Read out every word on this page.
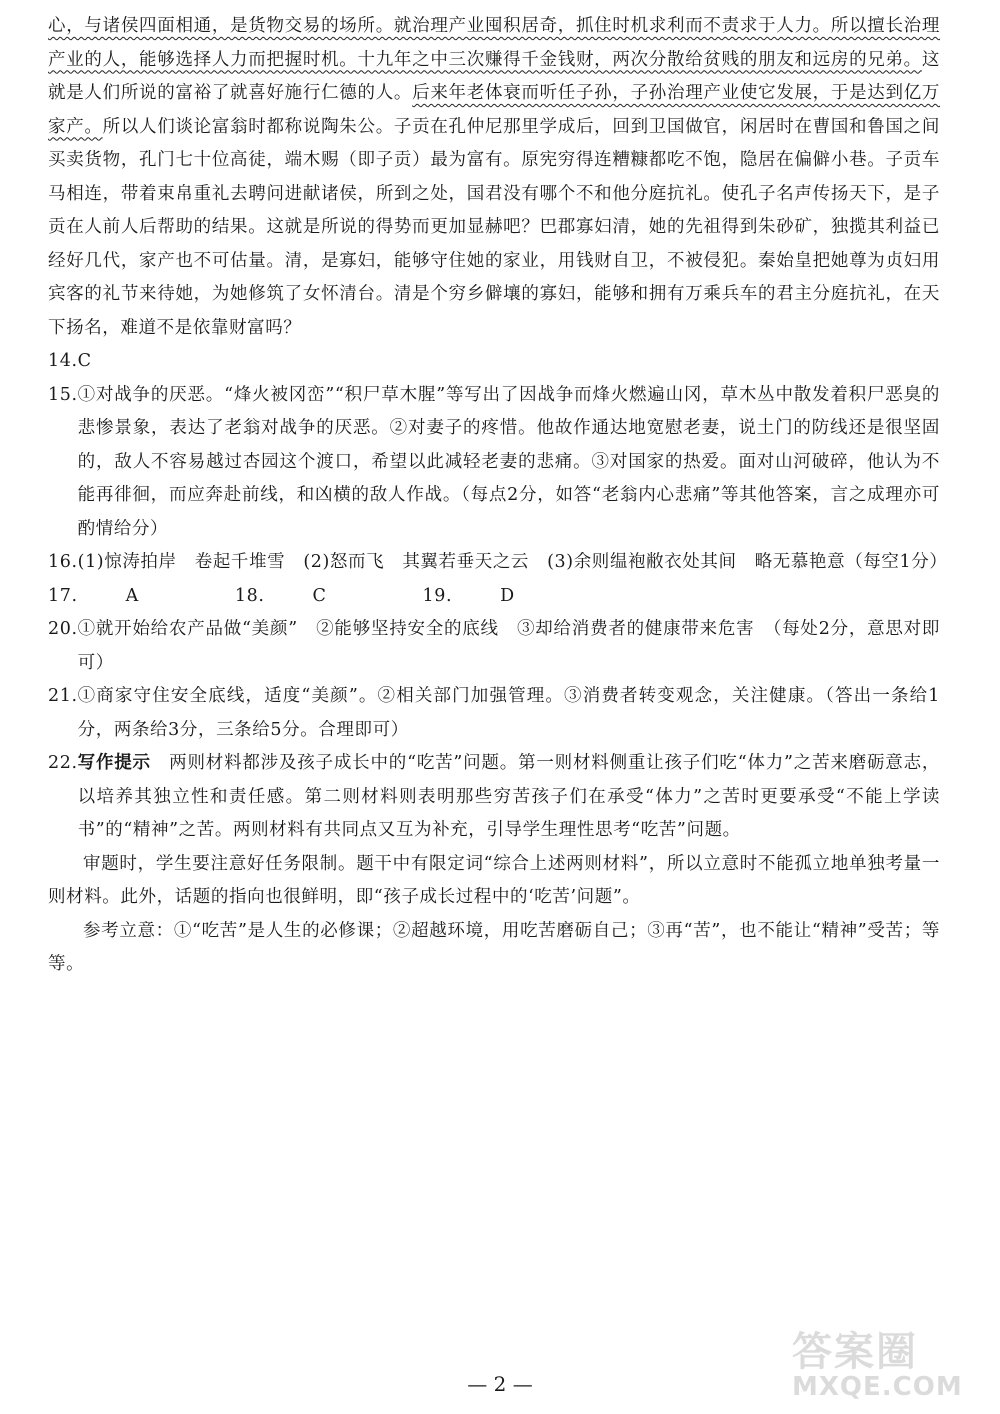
心，与诸侯四面相通，是货物交易的场所。就治理产业囤积居奇，抓住时机求利而不责求于人力。所以擅长治理产业的人，能够选择人力而把握时机。十九年之中三次赚得千金钱财，两次分散给贫贱的朋友和远房的兄弟。这就是人们所说的富裕了就喜好施行仁德的人。后来年老体衰而听任子孙，子孙治理产业使它发展，于是达到亿万家产。所以人们谈论富翁时都称说陶朱公。子贡在孔仲尼那里学成后，回到卫国做官，闲居时在曹国和鲁国之间买卖货物，孔门七十位高徒，端木赐（即子贡）最为富有。原宪穷得连糟糠都吃不饱，隐居在偏僻小巷。子贡车马相连，带着束帛重礼去聘问进献诸侯，所到之处，国君没有哪个不和他分庭抗礼。使孔子名声传扬天下，是子贡在人前人后帮助的结果。这就是所说的得势而更加显赫吧？巴郡寡妇清，她的先祖得到朱砂矿，独揽其利益已经好几代，家产也不可估量。清，是寡妇，能够守住她的家业，用钱财自卫，不被侵犯。秦始皇把她尊为贞妇用宾客的礼节来待她，为她修筑了女怀清台。清是个穷乡僻壤的寡妇，能够和拥有万乘兵车的君主分庭抗礼，在天下扬名，难道不是依靠财富吗？

14. C
15. ①对战争的厌恶。“烽火被冈峦”“积尸草木腥”等写出了因战争而烽火燃遍山冈，草木丛中散发着积尸恶臭的悲惨景象，表达了老翁对战争的厌恶。②对妻子的疼惜。他故作通达地宽慰老妻，说土门的防线还是很坚固的，敌人不容易越过杏园这个渡口，希望以此减轻老妻的悲痛。③对国家的热爱。面对山河破碎，他认为不能再徘徊，而应奔赴前线，和凶横的敌人作战。（每点2分，如答“老翁内心悲痛”等其他答案，言之成理亦可酌情给分）
16. (1)惊涛拍岸　卷起千堆雪　(2)怒而飞　其翼若垂天之云　(3)余则缊袍敝衣处其间　略无慕艳意（每空1分）
17.	A	18.	C	19.	D
20. ①就开始给农产品做“美颜”　②能够坚持安全的底线　③却给消费者的健康带来危害　（每处2分，意思对即可）
21. ①商家守住安全底线，适度“美颜”。②相关部门加强管理。③消费者转变观念，关注健康。（答出一条给1分，两条给3分，三条给5分。合理即可）
22. 写作提示　两则材料都涉及孩子成长中的“吃苦”问题。第一则材料侧重让孩子们吃“体力”之苦来磨砺意志，以培养其独立性和责任感。第二则材料则表明那些穷苦孩子们在承受“体力”之苦时更要承受“不能上学读书”的“精神”之苦。两则材料有共同点又互为补充，引导学生理性思考“吃苦”问题。

审题时，学生要注意好任务限制。题干中有限定词“综合上述两则材料”，所以立意时不能孤立地单独考量一则材料。此外，话题的指向也很鲜明，即“孩子成长过程中的‘吃苦’问题”。

参考立意：①“吃苦”是人生的必修课；②超越环境，用吃苦磨砺自己；③再“苦”，也不能让“精神”受苦；等等。

— 2 —
答案圈
MXQE.COM
